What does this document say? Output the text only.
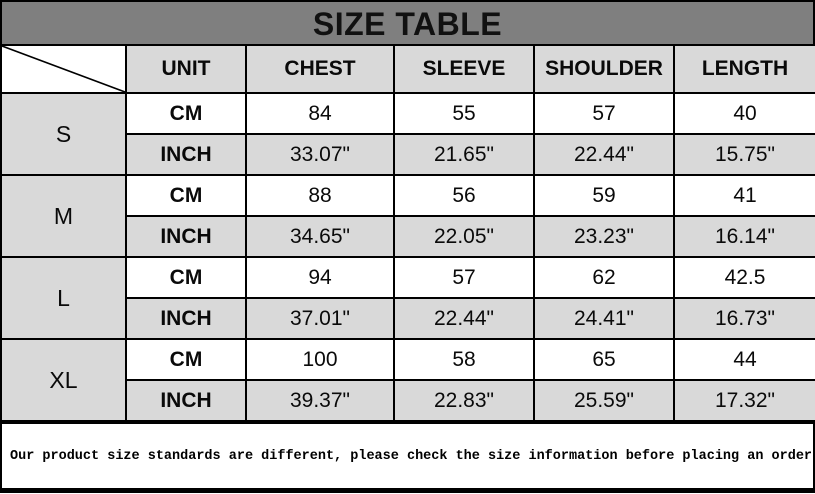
SIZE TABLE
	UNIT	CHEST	SLEEVE	SHOULDER	LENGTH
S	CM	84	55	57	40
	INCH	33.07"	21.65"	22.44"	15.75"
M	CM	88	56	59	41
	INCH	34.65"	22.05"	23.23"	16.14"
L	CM	94	57	62	42.5
	INCH	37.01"	22.44"	24.41"	16.73"
XL	CM	100	58	65	44
	INCH	39.37"	22.83"	25.59"	17.32"
Our product size standards are different, please check the size information before placing an order
